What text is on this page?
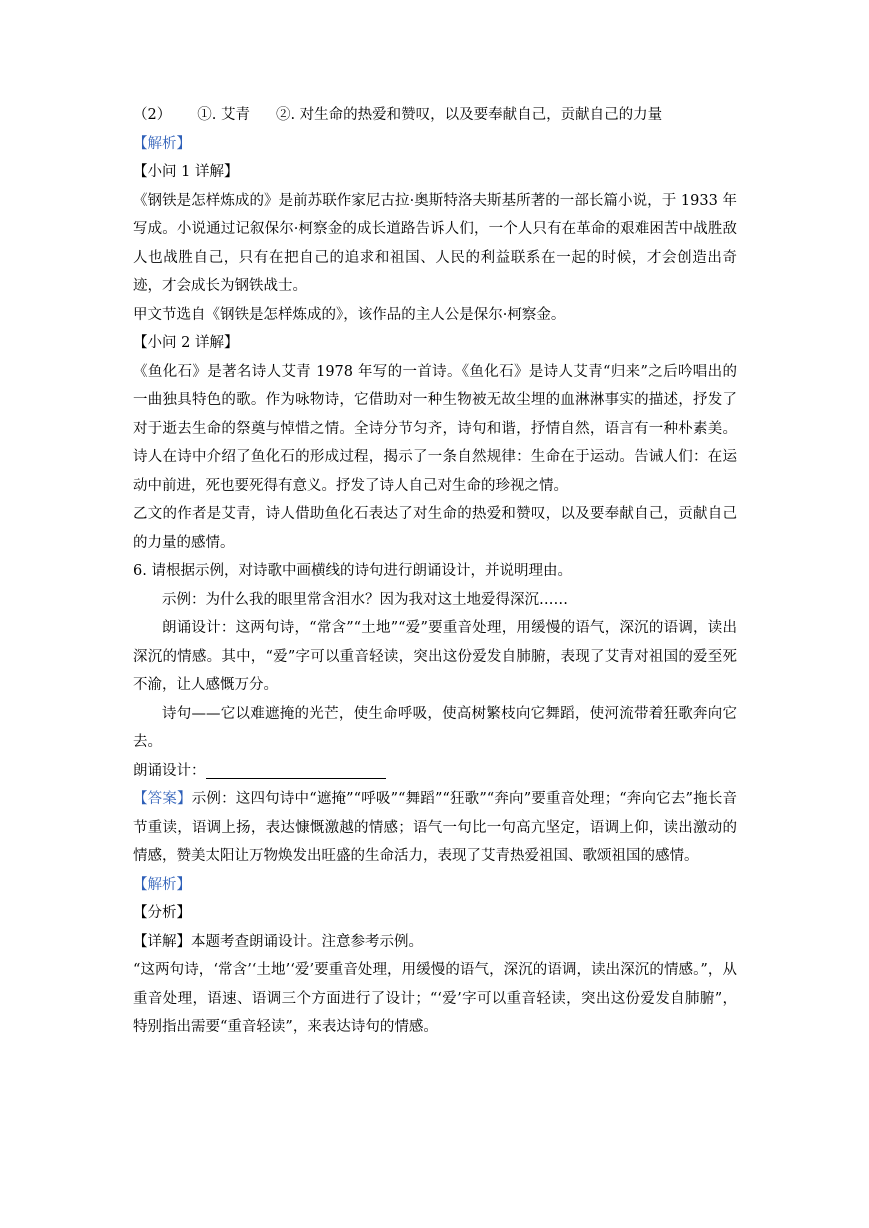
（2） ①. 艾青 ②. 对生命的热爱和赞叹，以及要奉献自己，贡献自己的力量

【解析】

【小问 1 详解】

《钢铁是怎样炼成的》是前苏联作家尼古拉·奥斯特洛夫斯基所著的一部长篇小说，于 1933 年写成。小说通过记叙保尔·柯察金的成长道路告诉人们，一个人只有在革命的艰难困苦中战胜敌人也战胜自己，只有在把自己的追求和祖国、人民的利益联系在一起的时候，才会创造出奇迹，才会成长为钢铁战士。

甲文节选自《钢铁是怎样炼成的》，该作品的主人公是保尔·柯察金。

【小问 2 详解】

《鱼化石》是著名诗人艾青 1978 年写的一首诗。《鱼化石》是诗人艾青“归来”之后吟唱出的一曲独具特色的歌。作为咏物诗，它借助对一种生物被无故尘埋的血淋淋事实的描述，抒发了对于逝去生命的祭奠与悼惜之情。全诗分节匀齐，诗句和谐，抒情自然，语言有一种朴素美。诗人在诗中介绍了鱼化石的形成过程，揭示了一条自然规律：生命在于运动。告诫人们：在运动中前进，死也要死得有意义。抒发了诗人自己对生命的珍视之情。

乙文的作者是艾青，诗人借助鱼化石表达了对生命的热爱和赞叹，以及要奉献自己，贡献自己的力量的感情。

6. 请根据示例，对诗歌中画横线的诗句进行朗诵设计，并说明理由。

示例：为什么我的眼里常含泪水？因为我对这土地爱得深沉……

朗诵设计：这两句诗，“常含”“土地”“爱”要重音处理，用缓慢的语气，深沉的语调，读出深沉的情感。其中，“爱”字可以重音轻读，突出这份爱发自肺腑，表现了艾青对祖国的爱至死不渝，让人感慨万分。

诗句——它以难遮掩的光芒，使生命呼吸，使高树繁枝向它舞蹈，使河流带着狂歌奔向它去。

朗诵设计：

【答案】示例：这四句诗中“遮掩”“呼吸”“舞蹈”“狂歌”“奔向”要重音处理；“奔向它去”拖长音节重读，语调上扬，表达慷慨激越的情感；语气一句比一句高亢坚定，语调上仰，读出激动的情感，赞美太阳让万物焕发出旺盛的生命活力，表现了艾青热爱祖国、歌颂祖国的感情。

【解析】

【分析】

【详解】本题考查朗诵设计。注意参考示例。

“这两句诗，‘常含’‘土地’‘爱’要重音处理，用缓慢的语气，深沉的语调，读出深沉的情感。”，从重音处理，语速、语调三个方面进行了设计；“‘爱’字可以重音轻读，突出这份爱发自肺腑”，特别指出需要“重音轻读”，来表达诗句的情感。
